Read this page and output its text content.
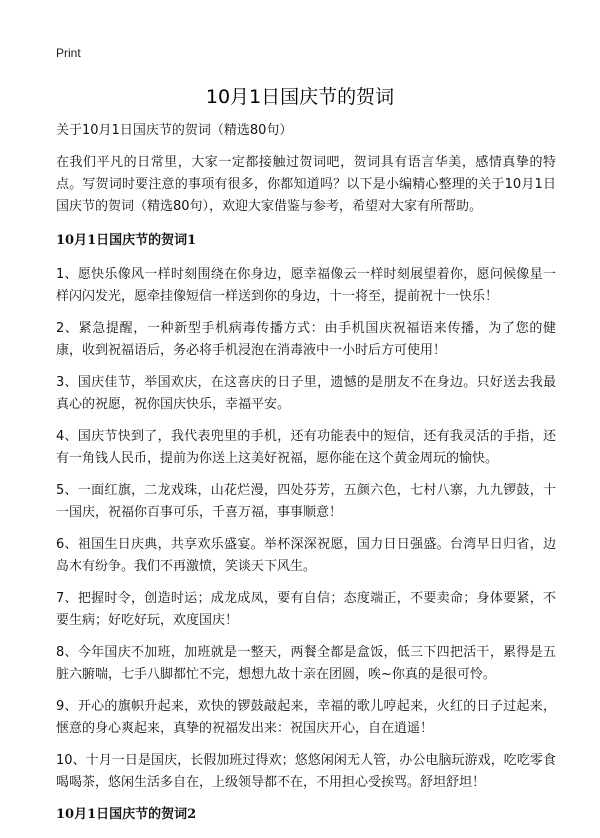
Print
10月1日国庆节的贺词

关于10月1日国庆节的贺词（精选80句）

在我们平凡的日常里，大家一定都接触过贺词吧，贺词具有语言华美，感情真挚的特点。写贺词时要注意的事项有很多，你都知道吗？以下是小编精心整理的关于10月1日国庆节的贺词（精选80句），欢迎大家借鉴与参考，希望对大家有所帮助。

10月1日国庆节的贺词1

1、愿快乐像风一样时刻围绕在你身边，愿幸福像云一样时刻展望着你，愿问候像星一样闪闪发光，愿牵挂像短信一样送到你的身边，十一将至，提前祝十一快乐！

2、紧急提醒，一种新型手机病毒传播方式：由手机国庆祝福语来传播，为了您的健康，收到祝福语后，务必将手机浸泡在消毒液中一小时后方可使用！

3、国庆佳节，举国欢庆，在这喜庆的日子里，遗憾的是朋友不在身边。只好送去我最真心的祝愿，祝你国庆快乐，幸福平安。

4、国庆节快到了，我代表兜里的手机，还有功能表中的短信，还有我灵活的手指，还有一角钱人民币，提前为你送上这美好祝福，愿你能在这个黄金周玩的愉快。

5、一面红旗，二龙戏珠，山花烂漫，四处芬芳，五颜六色，七村八寨，九九锣鼓，十一国庆，祝福你百事可乐，千喜万福，事事顺意！

6、祖国生日庆典，共享欢乐盛宴。举杯深深祝愿，国力日日强盛。台湾早日归省，边岛木有纷争。我们不再激愤，笑谈天下风生。

7、把握时令，创造时运；成龙成凤，要有自信；态度端正，不要卖命；身体要紧，不要生病；好吃好玩，欢度国庆！

8、今年国庆不加班，加班就是一整天，两餐全都是盒饭，低三下四把活干，累得是五脏六腑喘，七手八脚都忙不完，想想九故十亲在团圆，唉~你真的是很可怜。

9、开心的旗帜升起来，欢快的锣鼓敲起来，幸福的歌儿哼起来，火红的日子过起来，惬意的身心爽起来，真挚的祝福发出来：祝国庆开心，自在逍遥！

10、十月一日是国庆，长假加班过得欢；悠悠闲闲无人管，办公电脑玩游戏，吃吃零食喝喝茶，悠闲生活多自在，上级领导都不在，不用担心受挨骂。舒坦舒坦！

10月1日国庆节的贺词2
